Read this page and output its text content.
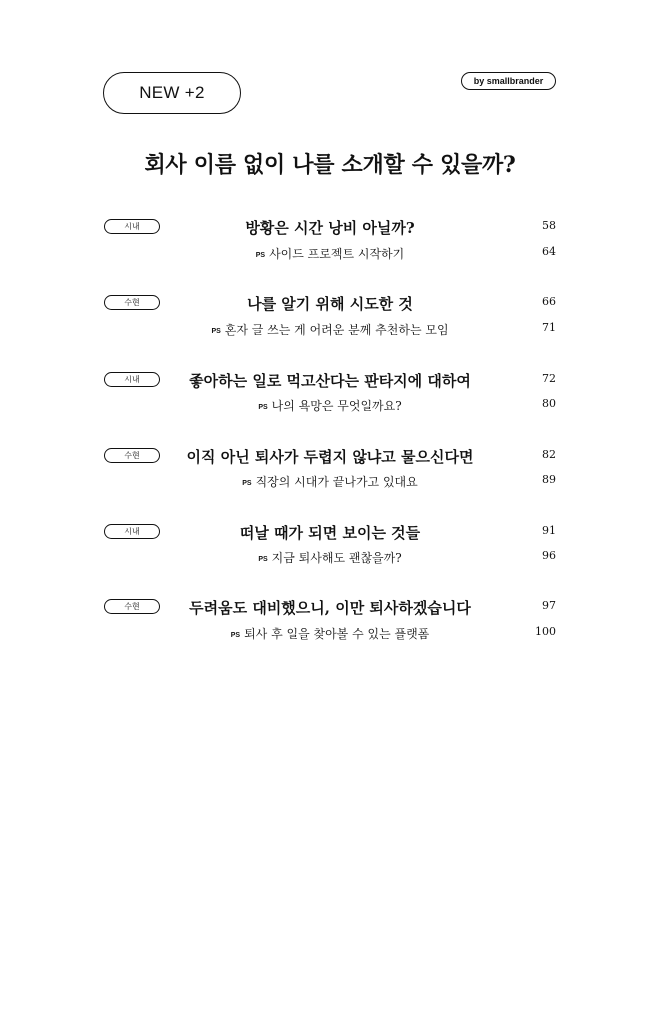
NEW +2
by smallbrander
회사 이름 없이 나를 소개할 수 있을까?
시내	방황은 시간 낭비 아닐까?	58
PS 사이드 프로젝트 시작하기	64
수현	나를 알기 위해 시도한 것	66
PS 혼자 글 쓰는 게 어려운 분께 추천하는 모임	71
시내	좋아하는 일로 먹고산다는 판타지에 대하여	72
PS 나의 욕망은 무엇일까요?	80
수현	이직 아닌 퇴사가 두렵지 않냐고 물으신다면	82
PS 직장의 시대가 끝나가고 있대요	89
시내	떠날 때가 되면 보이는 것들	91
PS 지금 퇴사해도 괜찮을까?	96
수현	두려움도 대비했으니, 이만 퇴사하겠습니다	97
PS 퇴사 후 일을 찾아볼 수 있는 플랫폼	100
